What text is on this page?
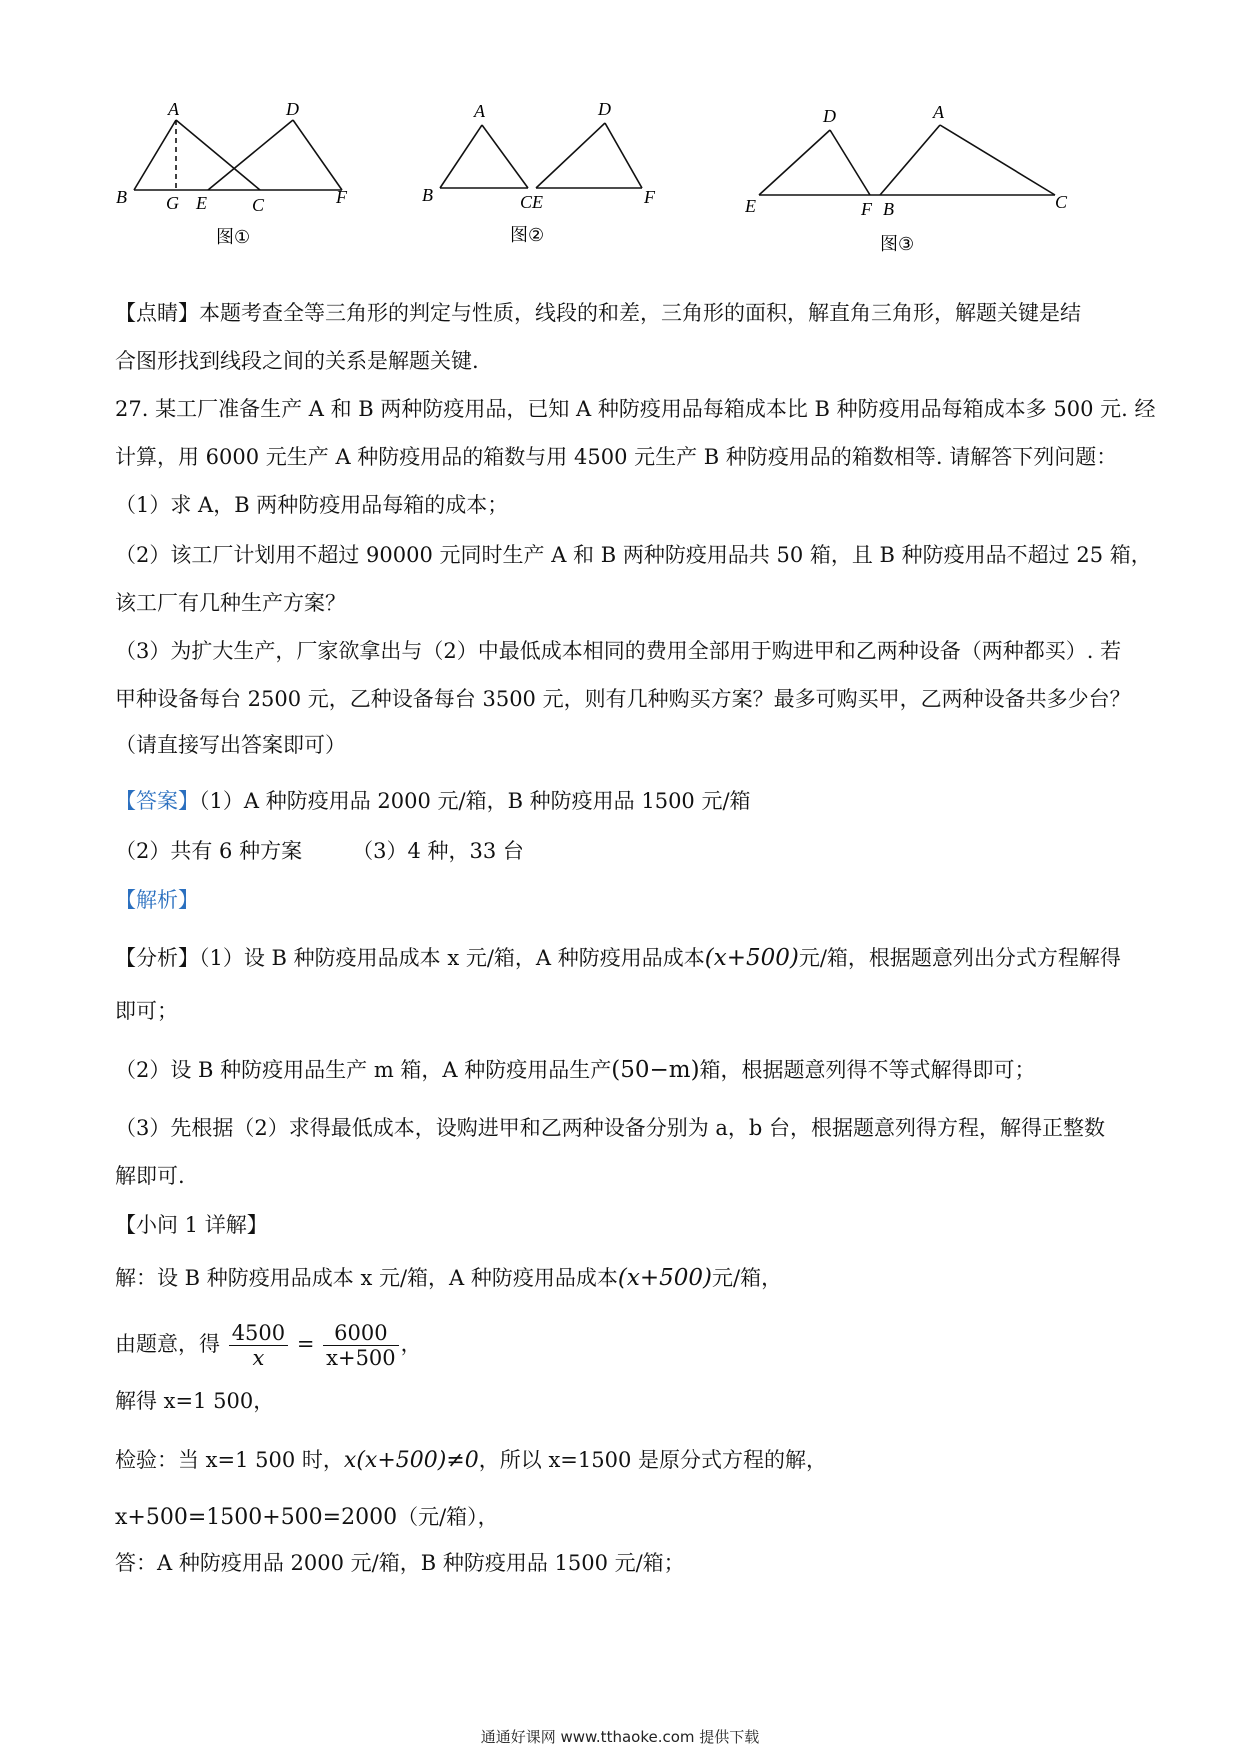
A	D
B G E	C	F
图①
A	D
B	C E	F
图②
D	A
E	F B	C
图③
【点睛】本题考查全等三角形的判定与性质，线段的和差，三角形的面积，解直角三角形，解题关键是结
合图形找到线段之间的关系是解题关键.
27. 某工厂准备生产 A 和 B 两种防疫用品，已知 A 种防疫用品每箱成本比 B 种防疫用品每箱成本多 500 元. 经
计算，用 6000 元生产 A 种防疫用品的箱数与用 4500 元生产 B 种防疫用品的箱数相等. 请解答下列问题：
（1）求 A，B 两种防疫用品每箱的成本；
（2）该工厂计划用不超过 90000 元同时生产 A 和 B 两种防疫用品共 50 箱，且 B 种防疫用品不超过 25 箱，
该工厂有几种生产方案？
（3）为扩大生产，厂家欲拿出与（2）中最低成本相同的费用全部用于购进甲和乙两种设备（两种都买）. 若
甲种设备每台 2500 元，乙种设备每台 3500 元，则有几种购买方案？最多可购买甲，乙两种设备共多少台？
（请直接写出答案即可）
【答案】（1）A 种防疫用品 2000 元/箱，B 种防疫用品 1500 元/箱
（2）共有 6 种方案 （3）4 种，33 台
【解析】
【分析】（1）设 B 种防疫用品成本 x 元/箱，A 种防疫用品成本(x+500)元/箱，根据题意列出分式方程解得
即可；
（2）设 B 种防疫用品生产 m 箱，A 种防疫用品生产(50−m)箱，根据题意列得不等式解得即可；
（3）先根据（2）求得最低成本，设购进甲和乙两种设备分别为 a，b 台，根据题意列得方程，解得正整数
解即可.
【小问 1 详解】
解：设 B 种防疫用品成本 x 元/箱，A 种防疫用品成本(x+500)元/箱，
由题意，得 $\frac{4500}{x} = \frac{6000}{x+500}$ ，
解得 x=1 500，
检验：当 x=1 500 时，x(x+500)≠0，所以 x=1500 是原分式方程的解，
x+500=1500+500=2000（元/箱），
答：A 种防疫用品 2000 元/箱，B 种防疫用品 1500 元/箱；
通通好课网 www.tthaoke.com 提供下载
